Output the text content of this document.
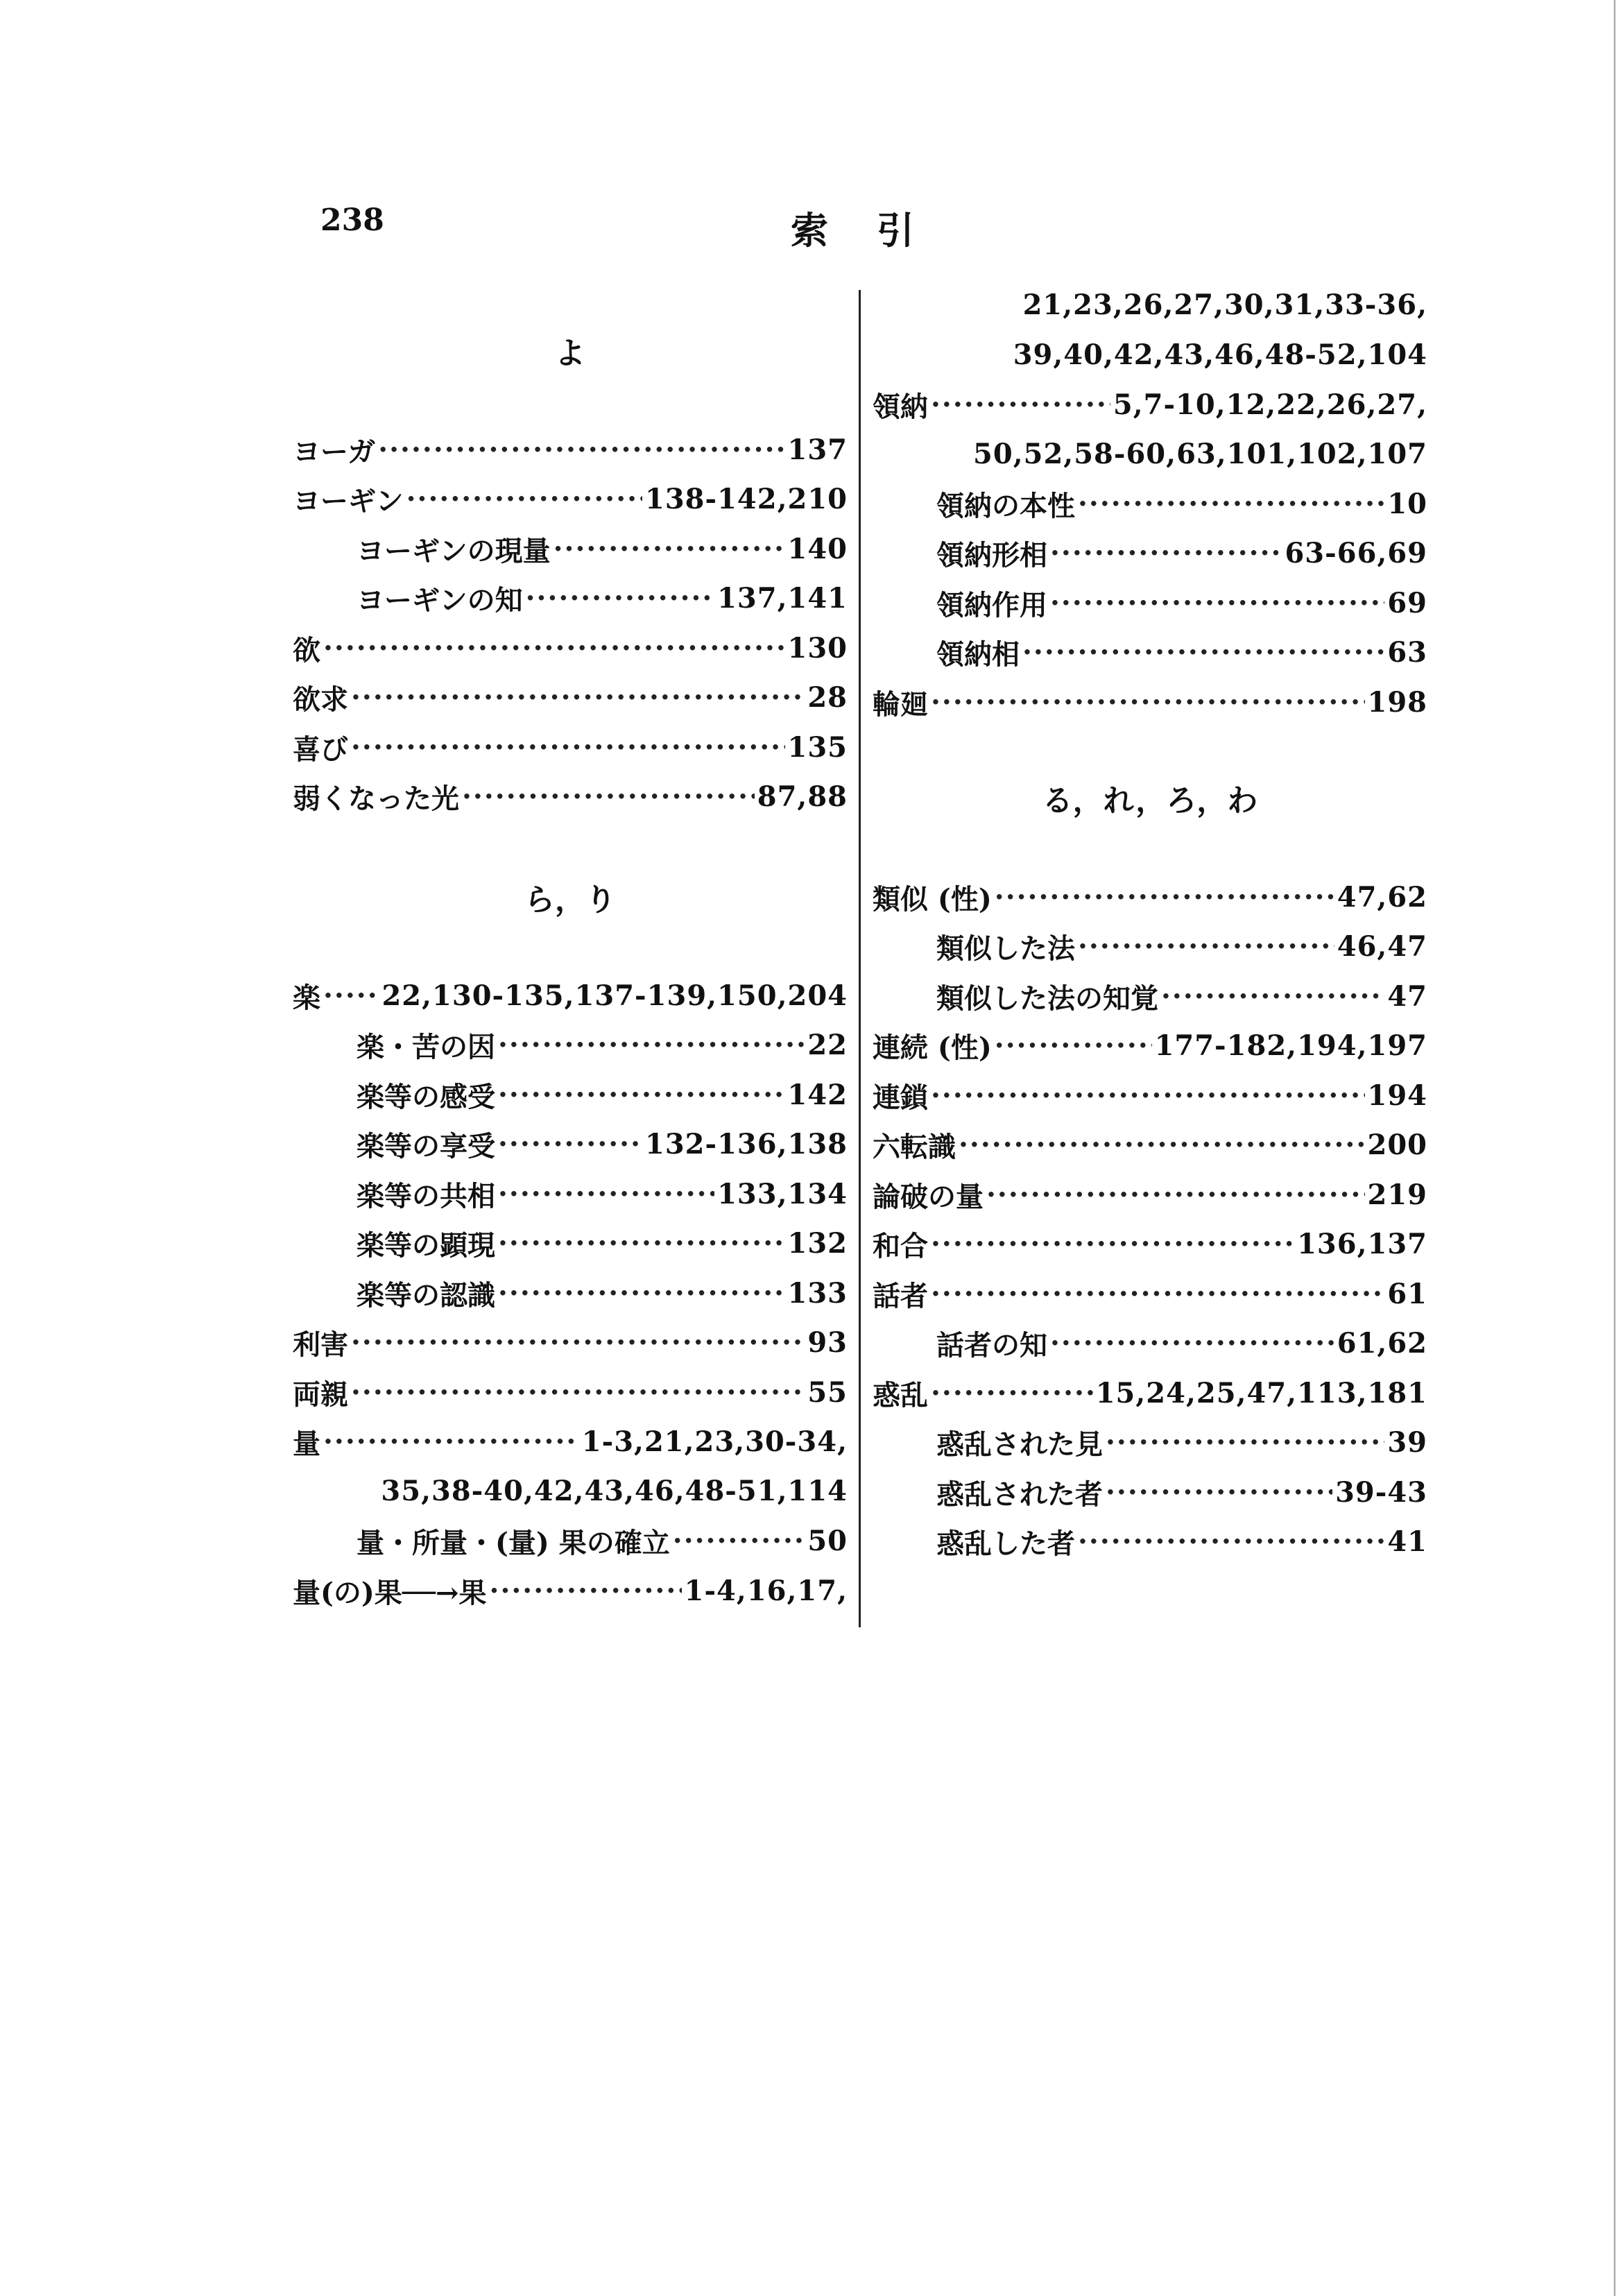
238	索引
よ
ヨーガ ·····	137
ヨーギン ·····	138-142,210
ヨーギンの現量 ·····	140
ヨーギンの知 ·····	137,141
欲 ·····	130
欲求 ·····	28
喜び ·····	135
弱くなった光 ·····	87,88
ら，り
楽 ····· 22,130-135,137-139,150,204
楽・苦の因 ·····	22
楽等の感受 ·····	142
楽等の享受 ·····	132-136,138
楽等の共相 ·····	133,134
楽等の顕現 ·····	132
楽等の認識 ·····	133
利害 ·····	93
両親 ·····	55
量 ·····	1-3,21,23,30-34,
35,38-40,42,43,46,48-51,114
量・所量・(量) 果の確立 ·····	50
量(の)果──→果 ·····	1-4,16,17,
21,23,26,27,30,31,33-36,
39,40,42,43,46,48-52,104
領納 ·····	5,7-10,12,22,26,27,
50,52,58-60,63,101,102,107
領納の本性 ·····	10
領納形相 ·····	63-66,69
領納作用 ·····	69
領納相 ·····	63
輪廻 ·····	198
る，れ，ろ，わ
類似 (性) ·····	47,62
類似した法 ·····	46,47
類似した法の知覚 ·····	47
連続 (性) ·····	177-182,194,197
連鎖 ·····	194
六転識 ·····	200
論破の量 ·····	219
和合 ·····	136,137
話者 ·····	61
話者の知 ·····	61,62
惑乱 ·····	15,24,25,47,113,181
惑乱された見 ·····	39
惑乱された者 ·····	39-43
惑乱した者 ·····	41
